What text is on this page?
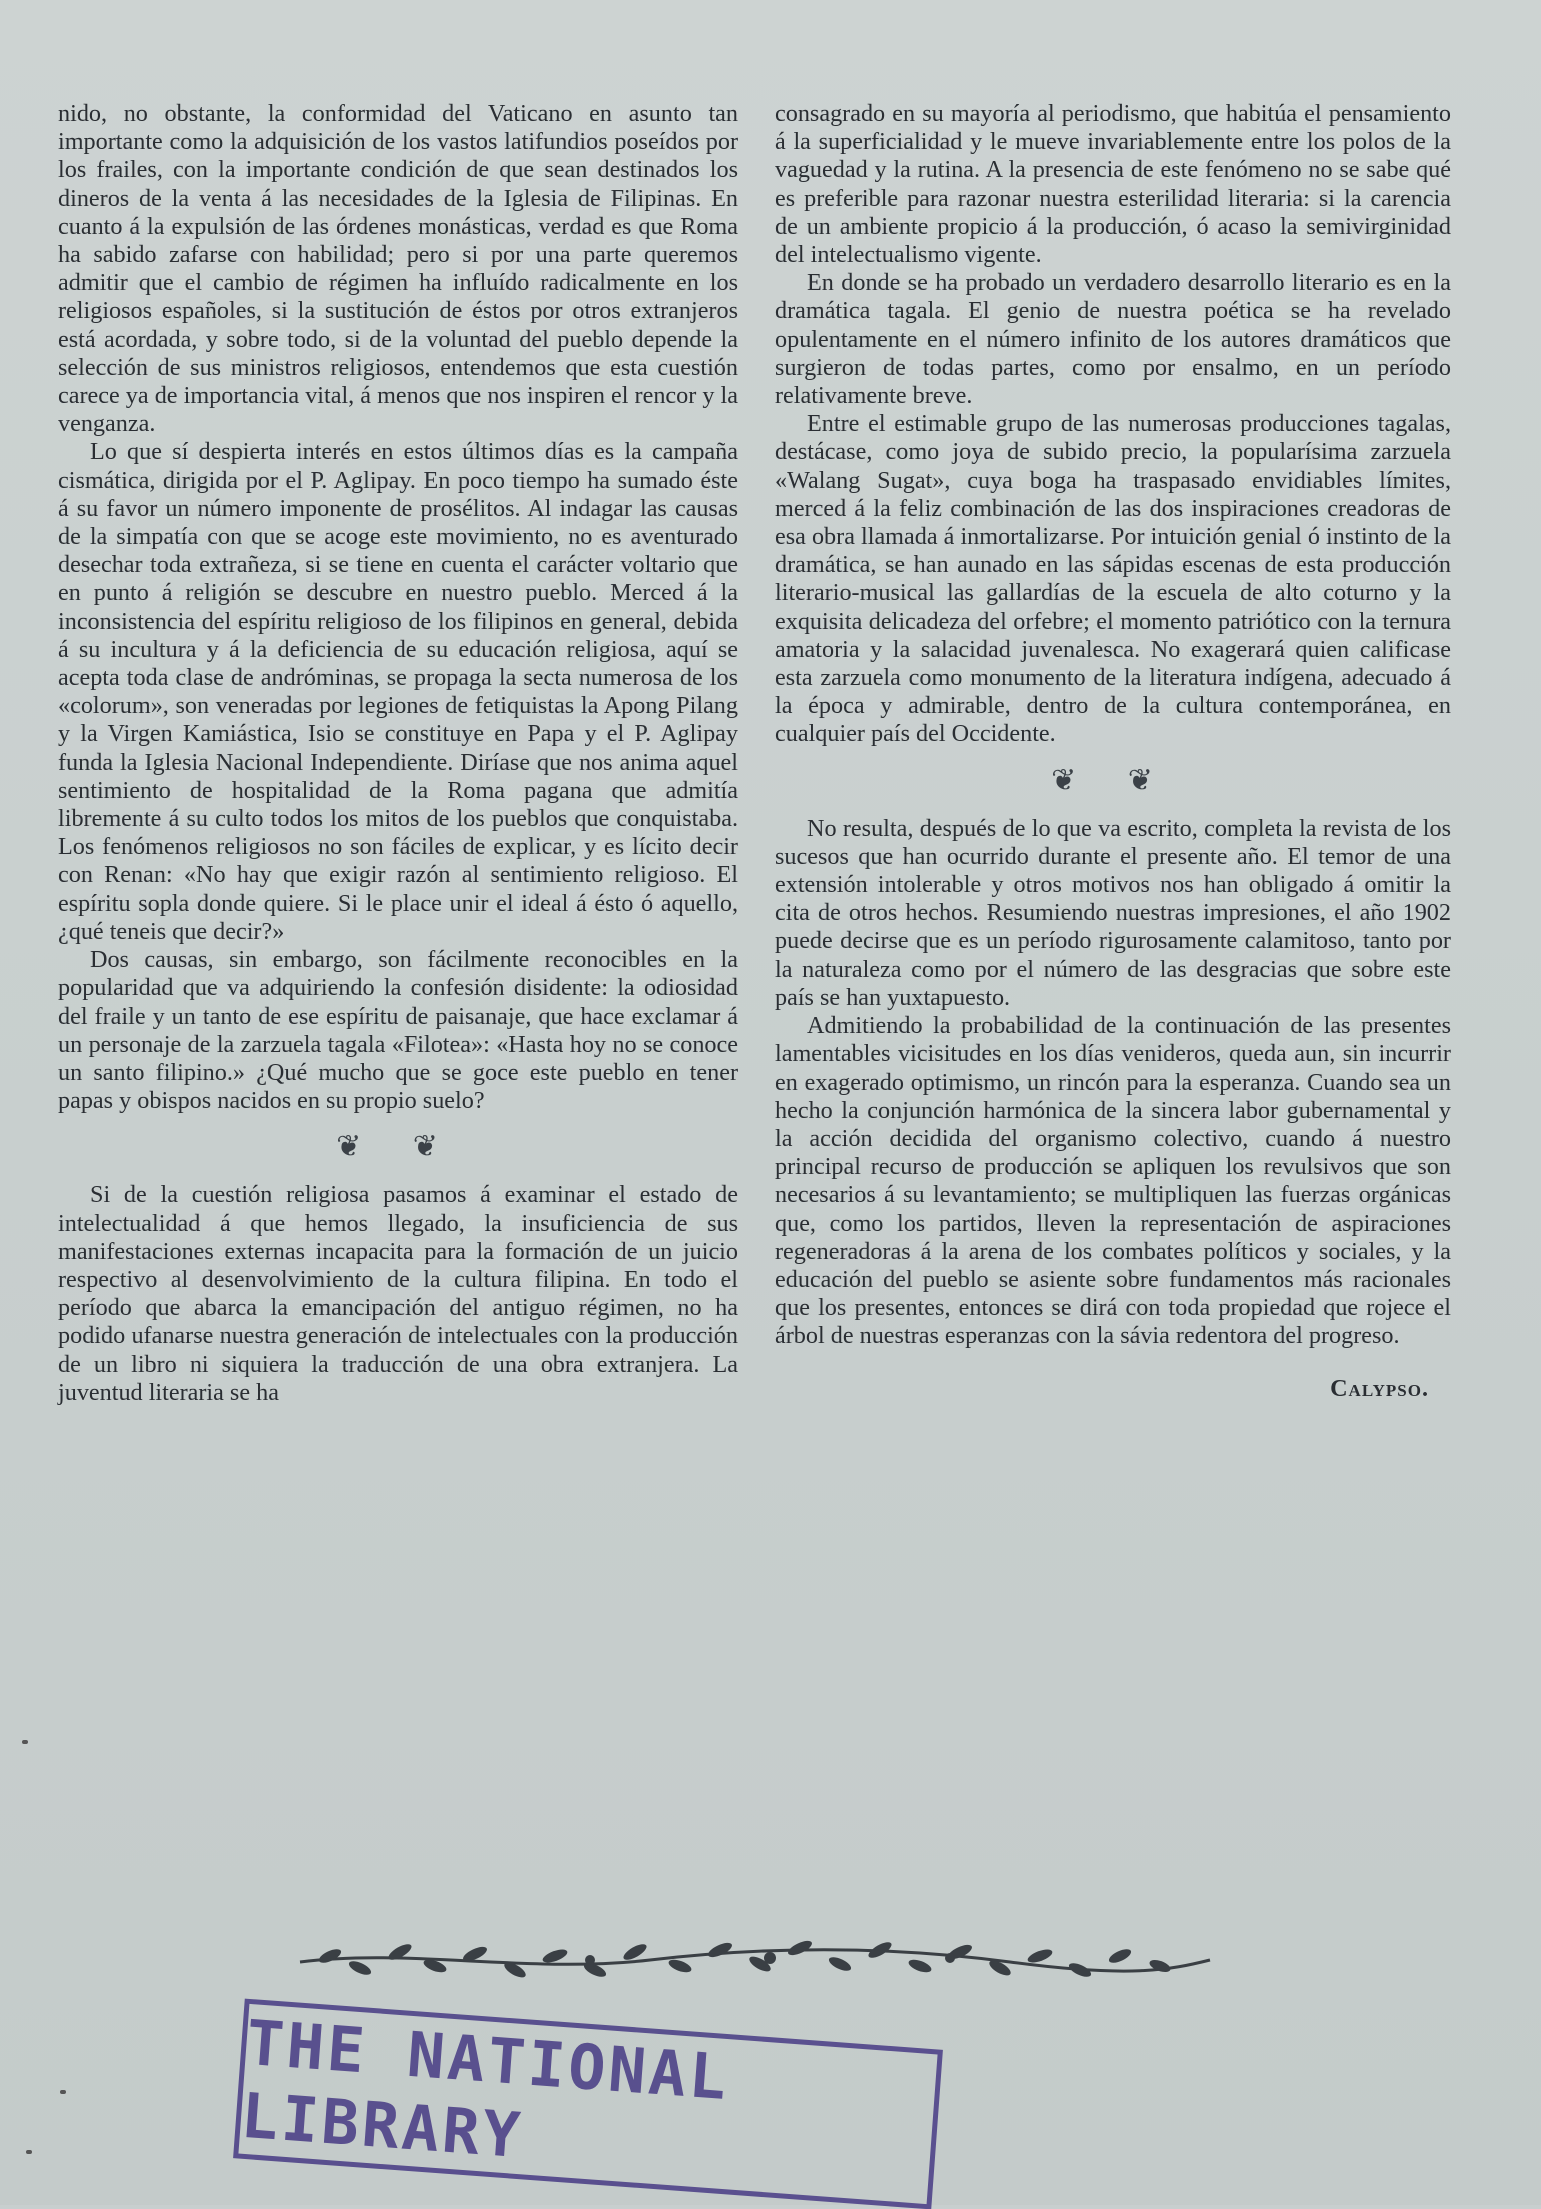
nido, no obstante, la conformidad del Vaticano en asunto tan importante como la adquisición de los vastos latifundios poseídos por los frailes, con la importante condición de que sean destinados los dineros de la venta á las necesidades de la Iglesia de Filipinas. En cuanto á la expulsión de las órdenes monásticas, verdad es que Roma ha sabido zafarse con habilidad; pero si por una parte queremos admitir que el cambio de régimen ha influído radicalmente en los religiosos españoles, si la sustitución de éstos por otros extranjeros está acordada, y sobre todo, si de la voluntad del pueblo depende la selección de sus ministros religiosos, entendemos que esta cuestión carece ya de importancia vital, á menos que nos inspiren el rencor y la venganza.

Lo que sí despierta interés en estos últimos días es la campaña cismática, dirigida por el P. Aglipay. En poco tiempo ha sumado éste á su favor un número imponente de prosélitos. Al indagar las causas de la simpatía con que se acoge este movimiento, no es aventurado desechar toda extrañeza, si se tiene en cuenta el carácter voltario que en punto á religión se descubre en nuestro pueblo. Merced á la inconsistencia del espíritu religioso de los filipinos en general, debida á su incultura y á la deficiencia de su educación religiosa, aquí se acepta toda clase de andróminas, se propaga la secta numerosa de los «colorum», son veneradas por legiones de fetiquistas la Apong Pilang y la Virgen Kamiástica, Isio se constituye en Papa y el P. Aglipay funda la Iglesia Nacional Independiente. Diríase que nos anima aquel sentimiento de hospitalidad de la Roma pagana que admitía libremente á su culto todos los mitos de los pueblos que conquistaba. Los fenómenos religiosos no son fáciles de explicar, y es lícito decir con Renan: «No hay que exigir razón al sentimiento religioso. El espíritu sopla donde quiere. Si le place unir el ideal á ésto ó aquello, ¿qué teneis que decir?»

Dos causas, sin embargo, son fácilmente reconocibles en la popularidad que va adquiriendo la confesión disidente: la odiosidad del fraile y un tanto de ese espíritu de paisanaje, que hace exclamar á un personaje de la zarzuela tagala «Filotea»: «Hasta hoy no se conoce un santo filipino.» ¿Qué mucho que se goce este pueblo en tener papas y obispos nacidos en su propio suelo?

❦ ❦

Si de la cuestión religiosa pasamos á examinar el estado de intelectualidad á que hemos llegado, la insuficiencia de sus manifestaciones externas incapacita para la formación de un juicio respectivo al desenvolvimiento de la cultura filipina. En todo el período que abarca la emancipación del antiguo régimen, no ha podido ufanarse nuestra generación de intelectuales con la producción de un libro ni siquiera la traducción de una obra extranjera. La juventud literaria se ha

consagrado en su mayoría al periodismo, que habitúa el pensamiento á la superficialidad y le mueve invariablemente entre los polos de la vaguedad y la rutina. A la presencia de este fenómeno no se sabe qué es preferible para razonar nuestra esterilidad literaria: si la carencia de un ambiente propicio á la producción, ó acaso la semivirginidad del intelectualismo vigente.

En donde se ha probado un verdadero desarrollo literario es en la dramática tagala. El genio de nuestra poética se ha revelado opulentamente en el número infinito de los autores dramáticos que surgieron de todas partes, como por ensalmo, en un período relativamente breve.

Entre el estimable grupo de las numerosas producciones tagalas, destácase, como joya de subido precio, la popularísima zarzuela «Walang Sugat», cuya boga ha traspasado envidiables límites, merced á la feliz combinación de las dos inspiraciones creadoras de esa obra llamada á inmortalizarse. Por intuición genial ó instinto de la dramática, se han aunado en las sápidas escenas de esta producción literario-musical las gallardías de la escuela de alto coturno y la exquisita delicadeza del orfebre; el momento patriótico con la ternura amatoria y la salacidad juvenalesca. No exagerará quien calificase esta zarzuela como monumento de la literatura indígena, adecuado á la época y admirable, dentro de la cultura contemporánea, en cualquier país del Occidente.

❦ ❦

No resulta, después de lo que va escrito, completa la revista de los sucesos que han ocurrido durante el presente año. El temor de una extensión intolerable y otros motivos nos han obligado á omitir la cita de otros hechos. Resumiendo nuestras impresiones, el año 1902 puede decirse que es un período rigurosamente calamitoso, tanto por la naturaleza como por el número de las desgracias que sobre este país se han yuxtapuesto.

Admitiendo la probabilidad de la continuación de las presentes lamentables vicisitudes en los días venideros, queda aun, sin incurrir en exagerado optimismo, un rincón para la esperanza. Cuando sea un hecho la conjunción harmónica de la sincera labor gubernamental y la acción decidida del organismo colectivo, cuando á nuestro principal recurso de producción se apliquen los revulsivos que son necesarios á su levantamiento; se multipliquen las fuerzas orgánicas que, como los partidos, lleven la representación de aspiraciones regeneradoras á la arena de los combates políticos y sociales, y la educación del pueblo se asiente sobre fundamentos más racionales que los presentes, entonces se dirá con toda propiedad que rojece el árbol de nuestras esperanzas con la sávia redentora del progreso.

Calypso.
THE NATIONAL LIBRARY
